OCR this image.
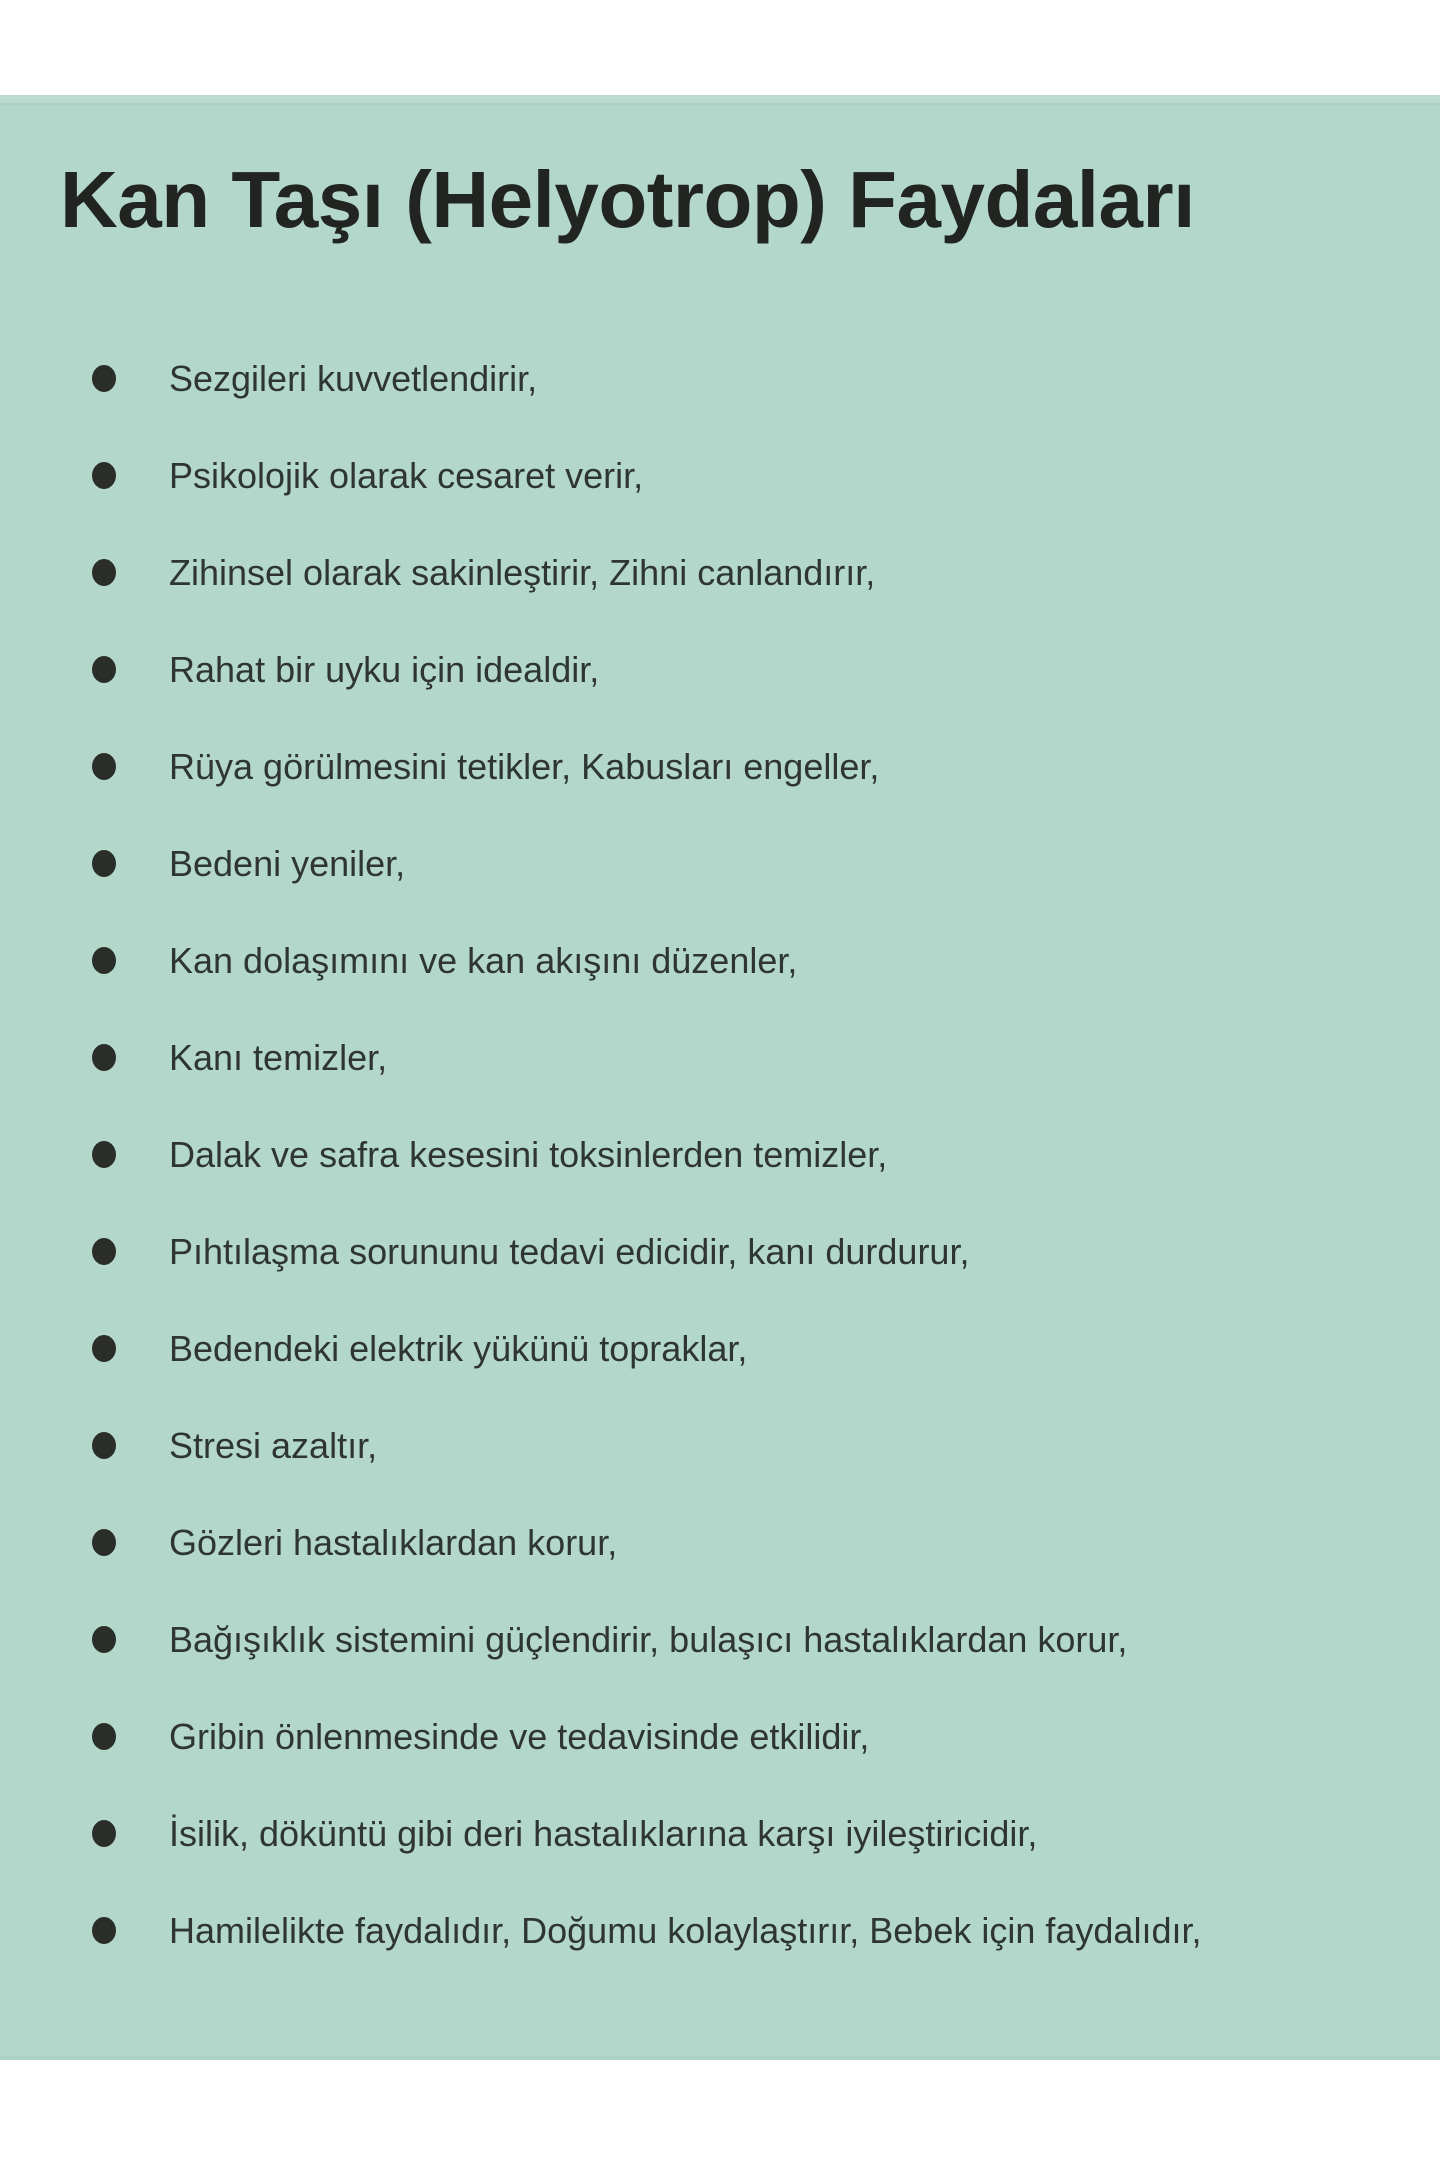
Kan Taşı (Helyotrop) Faydaları
Sezgileri kuvvetlendirir,
Psikolojik olarak cesaret verir,
Zihinsel olarak sakinleştirir, Zihni canlandırır,
Rahat bir uyku için idealdir,
Rüya görülmesini tetikler, Kabusları engeller,
Bedeni yeniler,
Kan dolaşımını ve kan akışını düzenler,
Kanı temizler,
Dalak ve safra kesesini toksinlerden temizler,
Pıhtılaşma sorununu tedavi edicidir, kanı durdurur,
Bedendeki elektrik yükünü topraklar,
Stresi azaltır,
Gözleri hastalıklardan korur,
Bağışıklık sistemini güçlendirir, bulaşıcı hastalıklardan korur,
Gribin önlenmesinde ve tedavisinde etkilidir,
İsilik, döküntü gibi deri hastalıklarına karşı iyileştiricidir,
Hamilelikte faydalıdır, Doğumu kolaylaştırır, Bebek için faydalıdır,
